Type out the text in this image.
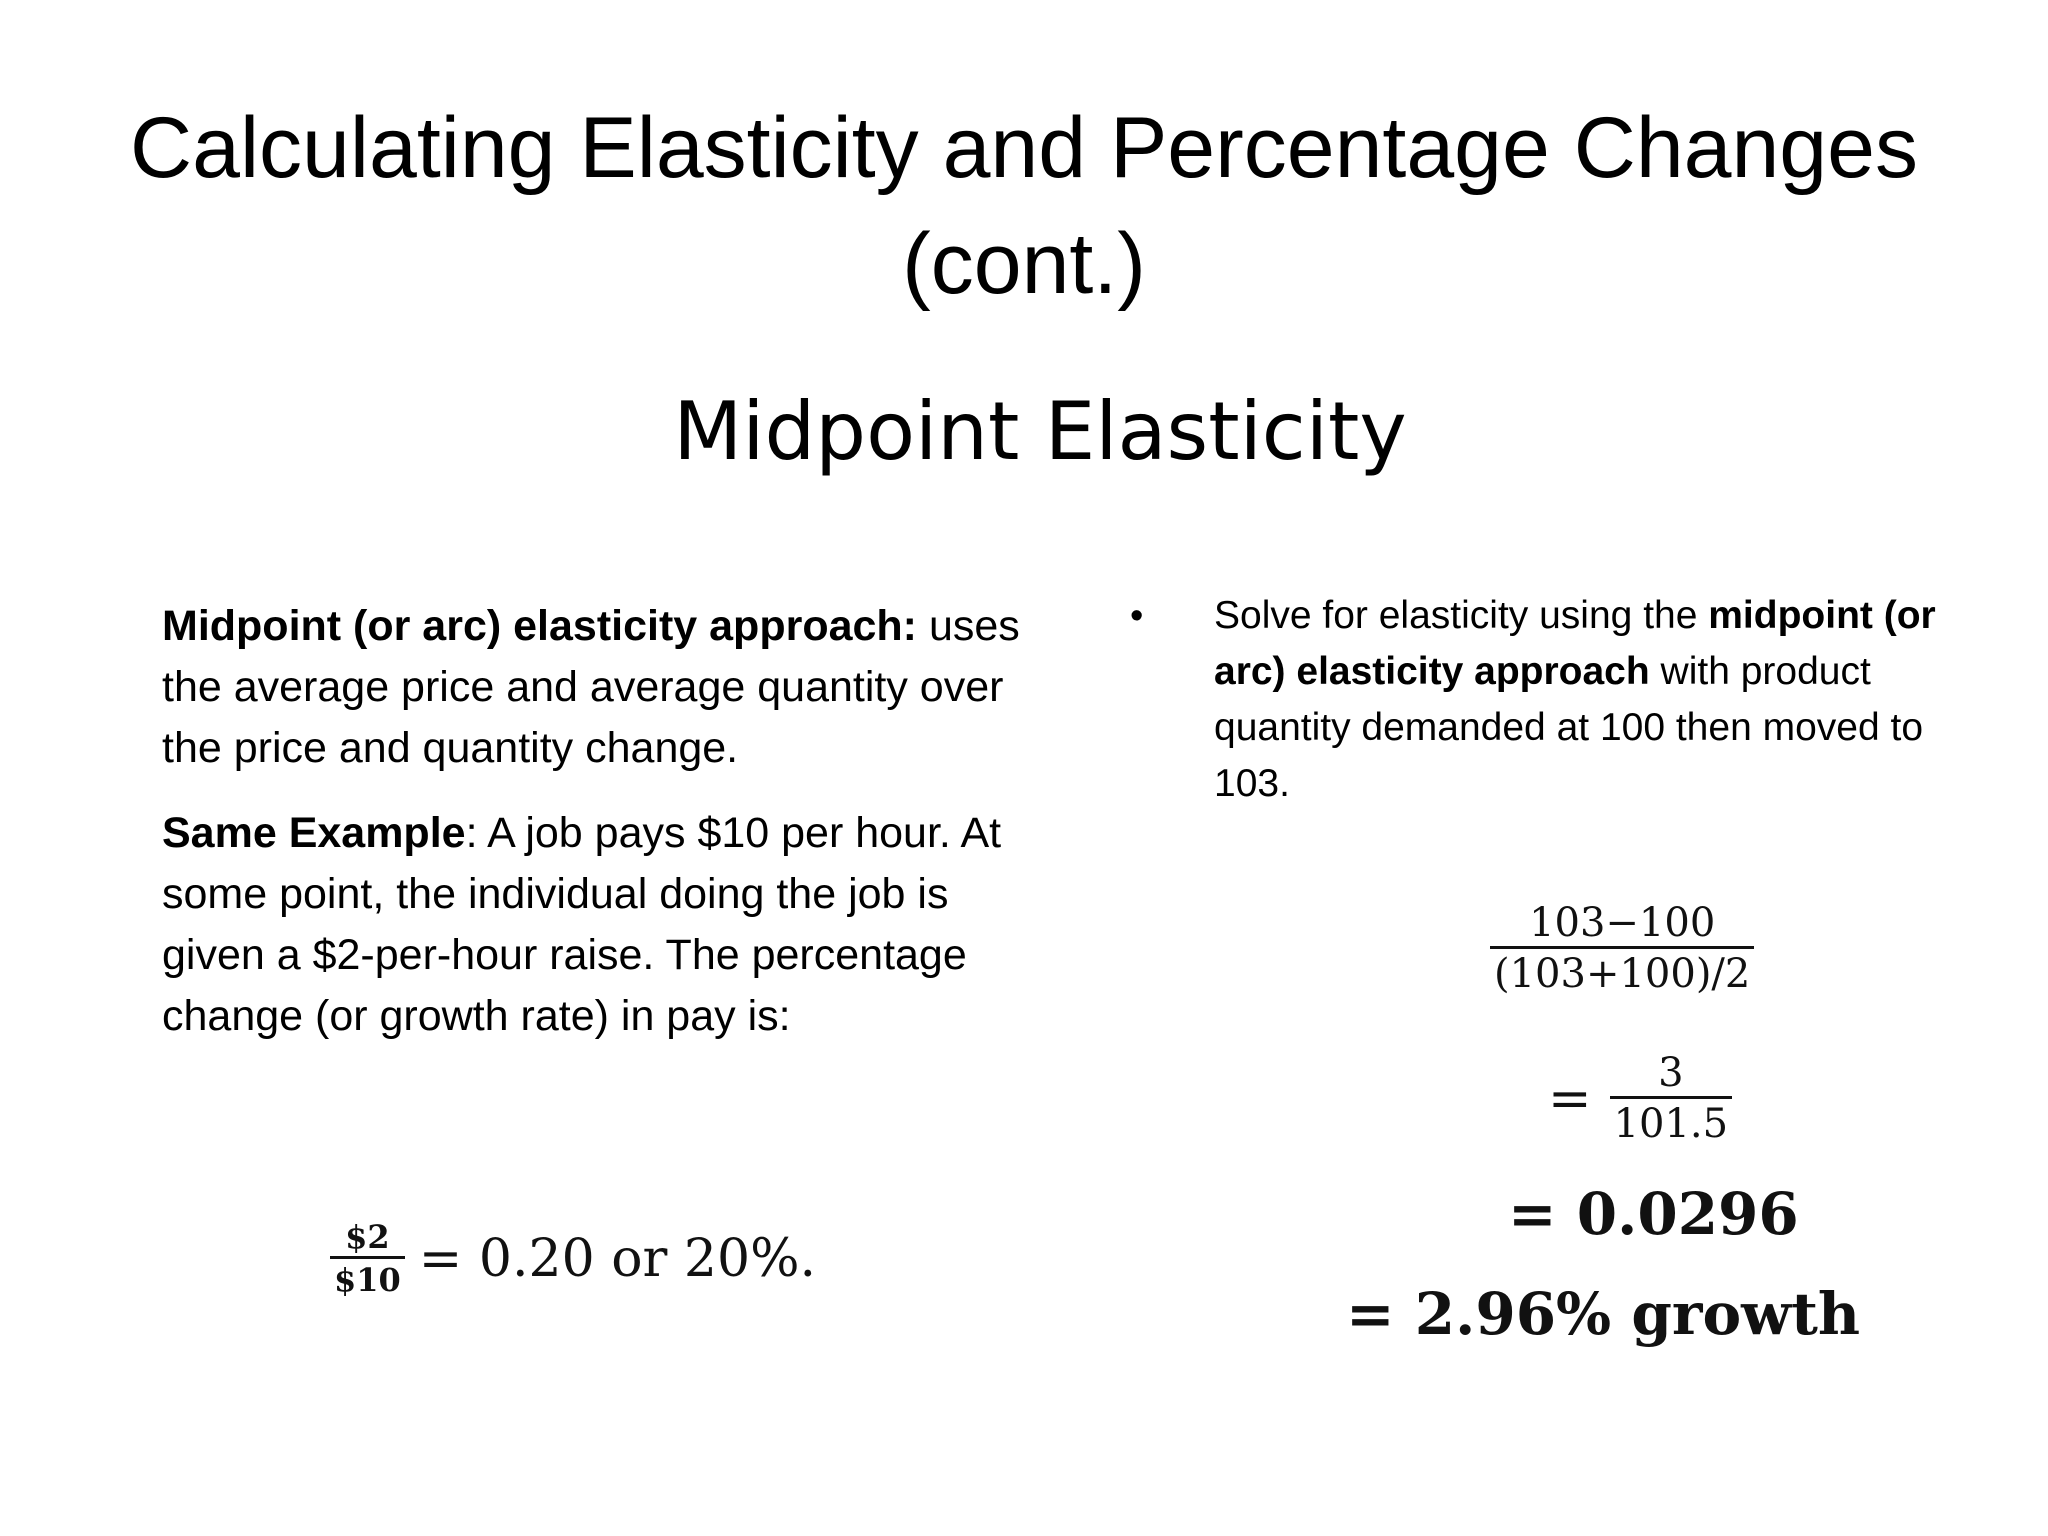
Calculating Elasticity and Percentage Changes
(cont.)
Midpoint Elasticity

Midpoint (or arc) elasticity approach: uses the average price and average quantity over the price and quantity change.

Same Example: A job pays $10 per hour. At some point, the individual doing the job is given a $2-per-hour raise. The percentage change (or growth rate) in pay is:

$\frac{\$2}{\$10} = 0.20$ or 20%.
•	Solve for elasticity using the midpoint (or arc) elasticity approach with product quantity demanded at 100 then moved to 103.
$\frac{103-100}{(103+100)/2}$
= $\frac{3}{101.5}$
= 0.0296
= 2.96% growth
